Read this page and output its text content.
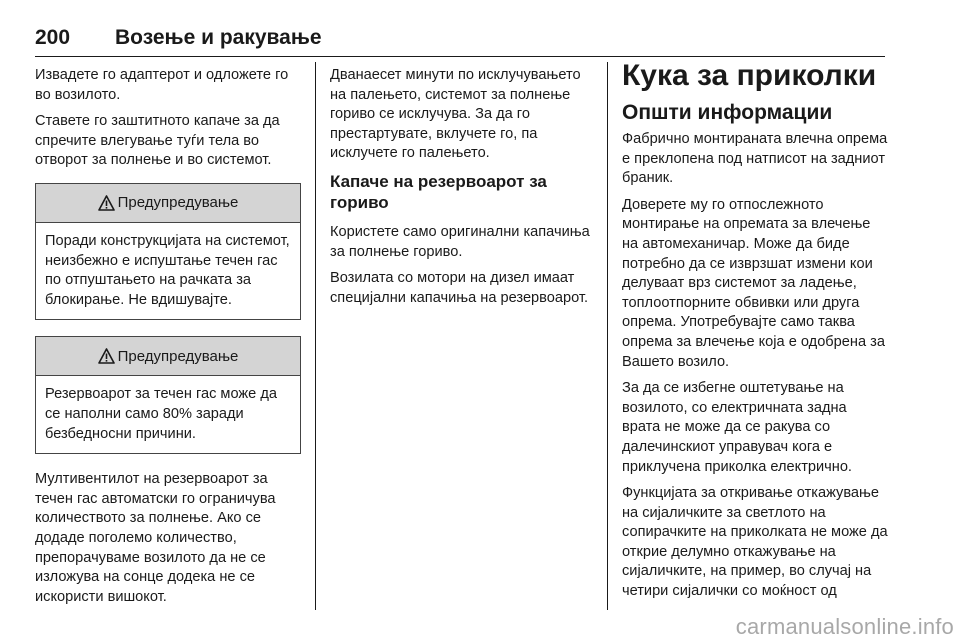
200 Возење и ракување

Извадете го адаптерот и одложете го во возилото.

Ставете го заштитното капаче за да спречите влегување туѓи тела во отворот за полнење и во системот.

Предупредување
Поради конструкцијата на системот, неизбежно е испуштање течен гас по отпуштањето на рачката за блокирање. Не вдишувајте.
Предупредување
Резервоарот за течен гас може да се наполни само 80% заради безбедносни причини.

Мултивентилот на резервоарот за течен гас автоматски го ограничува количеството за полнење. Ако се додаде поголемо количество, препорачуваме возилото да не се изложува на сонце додека не се искористи вишокот.

Дванаесет минути по исклучувањето на палењето, системот за полнење гориво се исклучува. За да го престартувате, вклучете го, па исклучете го палењето.

Капаче на резервоарот за гориво

Користете само оригинални капачиња за полнење гориво.

Возилата со мотори на дизел имаат специјални капачиња на резервоарот.

Кука за приколки
Општи информации

Фабрично монтираната влечна опрема е преклопена под натписот на задниот браник.

Доверете му го отпослежното монтирање на опремата за влечење на автомеханичар. Може да биде потребно да се изврзшат измени кои делуваат врз системот за ладење, топлоотпорните обвивки или друга опрема. Употребувајте само таква опрема за влечење која е одобрена за Вашето возило.

За да се избегне оштетување на возилото, со електричната задна врата не може да се ракува со далечинскиот управувач кога е приклучена приколка електрично.

Функцијата за откривање откажување на сијаличките за светлото на сопирачките на приколката не може да открие делумно откажување на сијаличките, на пример, во случај на четири сијалички со моќност од

carmanualsonline.info
